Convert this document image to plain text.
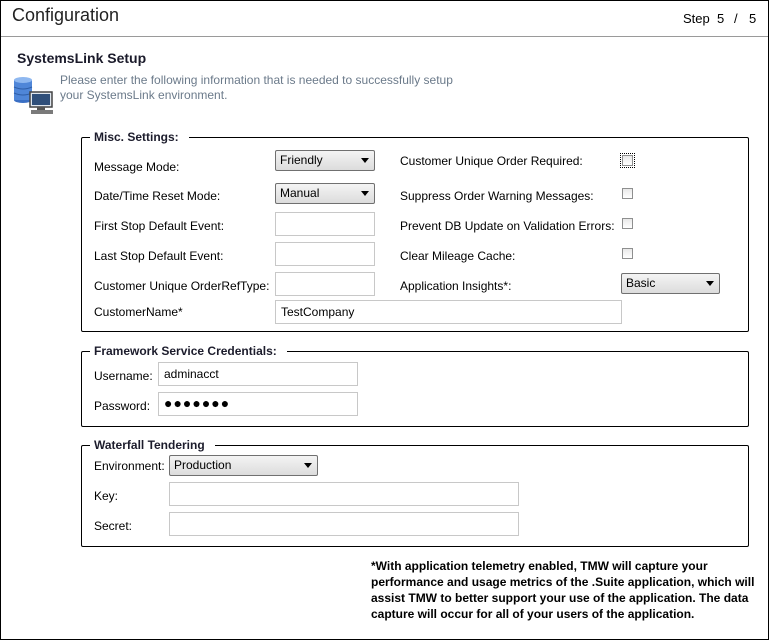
Configuration	Step 5 / 5
SystemsLink Setup
Please enter the following information that is needed to successfully setup
your SystemsLink environment.
Misc. Settings:
Message Mode:	Friendly
Date/Time Reset Mode:	Manual
First Stop Default Event:
Last Stop Default Event:
Customer Unique OrderRefType:
CustomerName*	TestCompany
Customer Unique Order Required:
Suppress Order Warning Messages:
Prevent DB Update on Validation Errors:
Clear Mileage Cache:
Application Insights*:	Basic
Framework Service Credentials:
Username: adminacct
Password: ●●●●●●●
Waterfall Tendering
Environment: Production
Key:
Secret:
*With application telemetry enabled, TMW will capture your
performance and usage metrics of the .Suite application, which will
assist TMW to better support your use of the application. The data
capture will occur for all of your users of the application.
